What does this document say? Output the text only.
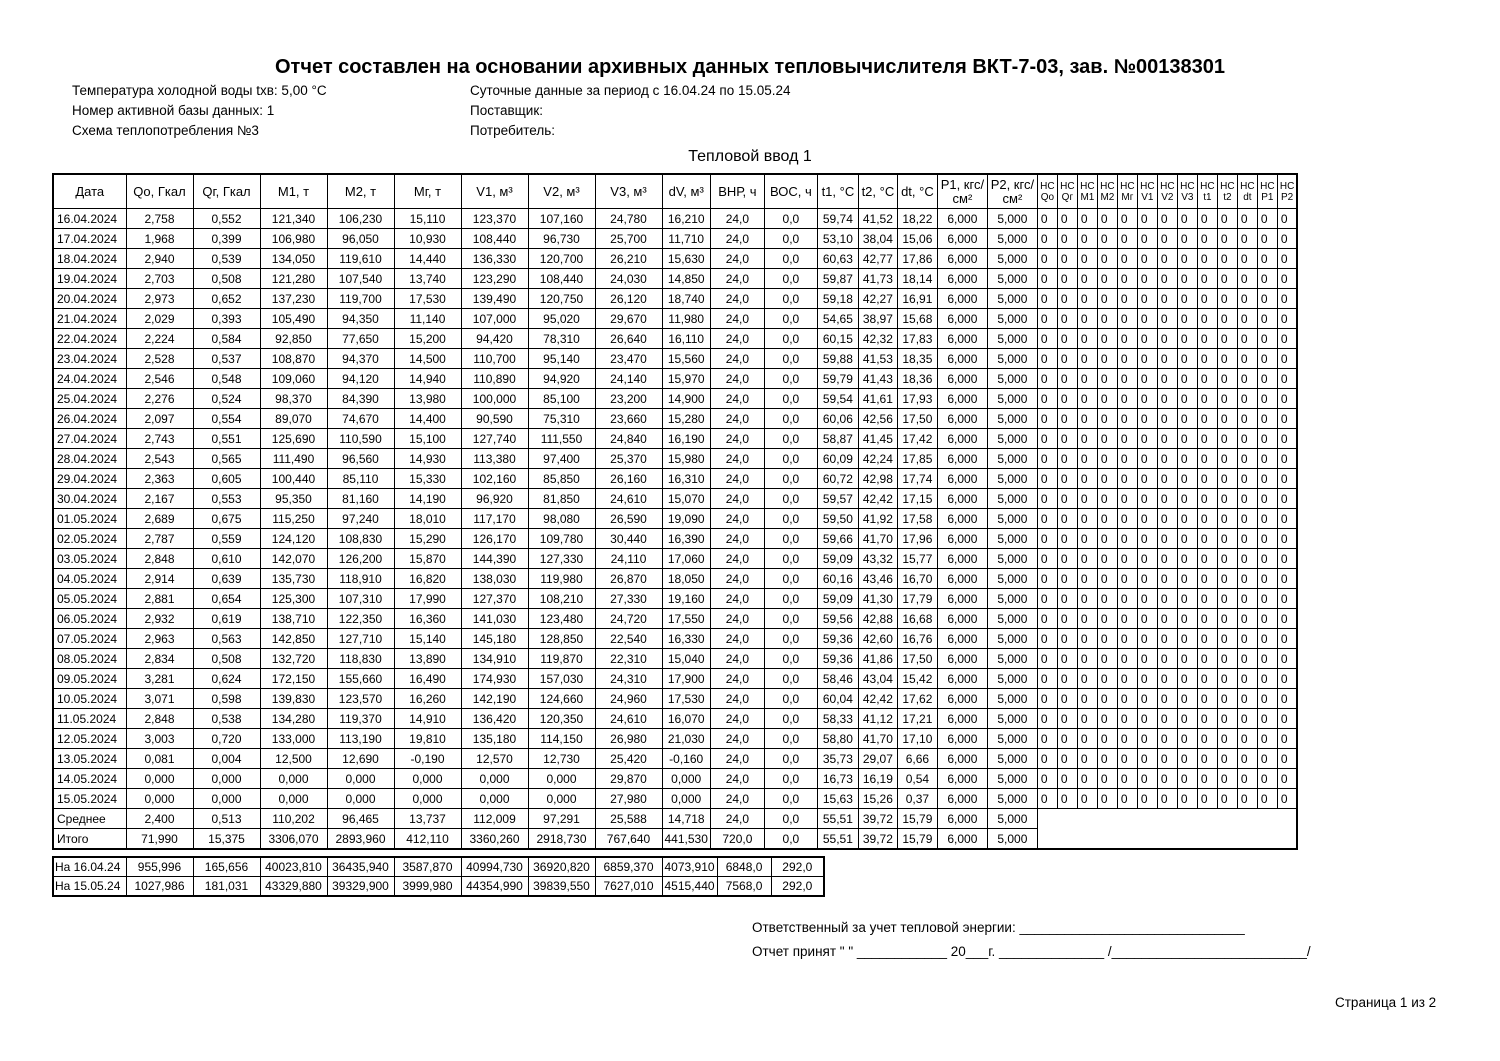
Отчет составлен на основании архивных данных тепловычислителя ВКТ-7-03, зав. №00138301
Температура холодной воды tхв: 5,00 °С
Номер активной базы данных: 1
Схема теплопотребления №3
Суточные данные за период с 16.04.24 по 15.05.24
Поставщик:
Потребитель:
Тепловой ввод 1
Дата	Qо, Гкал	Qг, Гкал	M1, т	M2, т	Mг, т	V1, м³	V2, м³	V3, м³	dV, м³	ВНР, ч	ВОС, ч	t1, °С	t2, °С	dt, °С	P1, кгс/см²	P2, кгс/см²	НС Qо	НС Qг	НС M1	НС M2	НС Mг	НС V1	НС V2	НС V3	НС t1	НС t2	НС dt	НС P1	НС P2
16.04.2024	2,758	0,552	121,340	106,230	15,110	123,370	107,160	24,780	16,210	24,0	0,0	59,74	41,52	18,22	6,000	5,000	0	0	0	0	0	0	0	0	0	0	0	0	0
17.04.2024	1,968	0,399	106,980	96,050	10,930	108,440	96,730	25,700	11,710	24,0	0,0	53,10	38,04	15,06	6,000	5,000	0	0	0	0	0	0	0	0	0	0	0	0	0
18.04.2024	2,940	0,539	134,050	119,610	14,440	136,330	120,700	26,210	15,630	24,0	0,0	60,63	42,77	17,86	6,000	5,000	0	0	0	0	0	0	0	0	0	0	0	0	0
19.04.2024	2,703	0,508	121,280	107,540	13,740	123,290	108,440	24,030	14,850	24,0	0,0	59,87	41,73	18,14	6,000	5,000	0	0	0	0	0	0	0	0	0	0	0	0	0
20.04.2024	2,973	0,652	137,230	119,700	17,530	139,490	120,750	26,120	18,740	24,0	0,0	59,18	42,27	16,91	6,000	5,000	0	0	0	0	0	0	0	0	0	0	0	0	0
21.04.2024	2,029	0,393	105,490	94,350	11,140	107,000	95,020	29,670	11,980	24,0	0,0	54,65	38,97	15,68	6,000	5,000	0	0	0	0	0	0	0	0	0	0	0	0	0
22.04.2024	2,224	0,584	92,850	77,650	15,200	94,420	78,310	26,640	16,110	24,0	0,0	60,15	42,32	17,83	6,000	5,000	0	0	0	0	0	0	0	0	0	0	0	0	0
23.04.2024	2,528	0,537	108,870	94,370	14,500	110,700	95,140	23,470	15,560	24,0	0,0	59,88	41,53	18,35	6,000	5,000	0	0	0	0	0	0	0	0	0	0	0	0	0
24.04.2024	2,546	0,548	109,060	94,120	14,940	110,890	94,920	24,140	15,970	24,0	0,0	59,79	41,43	18,36	6,000	5,000	0	0	0	0	0	0	0	0	0	0	0	0	0
25.04.2024	2,276	0,524	98,370	84,390	13,980	100,000	85,100	23,200	14,900	24,0	0,0	59,54	41,61	17,93	6,000	5,000	0	0	0	0	0	0	0	0	0	0	0	0	0
26.04.2024	2,097	0,554	89,070	74,670	14,400	90,590	75,310	23,660	15,280	24,0	0,0	60,06	42,56	17,50	6,000	5,000	0	0	0	0	0	0	0	0	0	0	0	0	0
27.04.2024	2,743	0,551	125,690	110,590	15,100	127,740	111,550	24,840	16,190	24,0	0,0	58,87	41,45	17,42	6,000	5,000	0	0	0	0	0	0	0	0	0	0	0	0	0
28.04.2024	2,543	0,565	111,490	96,560	14,930	113,380	97,400	25,370	15,980	24,0	0,0	60,09	42,24	17,85	6,000	5,000	0	0	0	0	0	0	0	0	0	0	0	0	0
29.04.2024	2,363	0,605	100,440	85,110	15,330	102,160	85,850	26,160	16,310	24,0	0,0	60,72	42,98	17,74	6,000	5,000	0	0	0	0	0	0	0	0	0	0	0	0	0
30.04.2024	2,167	0,553	95,350	81,160	14,190	96,920	81,850	24,610	15,070	24,0	0,0	59,57	42,42	17,15	6,000	5,000	0	0	0	0	0	0	0	0	0	0	0	0	0
01.05.2024	2,689	0,675	115,250	97,240	18,010	117,170	98,080	26,590	19,090	24,0	0,0	59,50	41,92	17,58	6,000	5,000	0	0	0	0	0	0	0	0	0	0	0	0	0
02.05.2024	2,787	0,559	124,120	108,830	15,290	126,170	109,780	30,440	16,390	24,0	0,0	59,66	41,70	17,96	6,000	5,000	0	0	0	0	0	0	0	0	0	0	0	0	0
03.05.2024	2,848	0,610	142,070	126,200	15,870	144,390	127,330	24,110	17,060	24,0	0,0	59,09	43,32	15,77	6,000	5,000	0	0	0	0	0	0	0	0	0	0	0	0	0
04.05.2024	2,914	0,639	135,730	118,910	16,820	138,030	119,980	26,870	18,050	24,0	0,0	60,16	43,46	16,70	6,000	5,000	0	0	0	0	0	0	0	0	0	0	0	0	0
05.05.2024	2,881	0,654	125,300	107,310	17,990	127,370	108,210	27,330	19,160	24,0	0,0	59,09	41,30	17,79	6,000	5,000	0	0	0	0	0	0	0	0	0	0	0	0	0
06.05.2024	2,932	0,619	138,710	122,350	16,360	141,030	123,480	24,720	17,550	24,0	0,0	59,56	42,88	16,68	6,000	5,000	0	0	0	0	0	0	0	0	0	0	0	0	0
07.05.2024	2,963	0,563	142,850	127,710	15,140	145,180	128,850	22,540	16,330	24,0	0,0	59,36	42,60	16,76	6,000	5,000	0	0	0	0	0	0	0	0	0	0	0	0	0
08.05.2024	2,834	0,508	132,720	118,830	13,890	134,910	119,870	22,310	15,040	24,0	0,0	59,36	41,86	17,50	6,000	5,000	0	0	0	0	0	0	0	0	0	0	0	0	0
09.05.2024	3,281	0,624	172,150	155,660	16,490	174,930	157,030	24,310	17,900	24,0	0,0	58,46	43,04	15,42	6,000	5,000	0	0	0	0	0	0	0	0	0	0	0	0	0
10.05.2024	3,071	0,598	139,830	123,570	16,260	142,190	124,660	24,960	17,530	24,0	0,0	60,04	42,42	17,62	6,000	5,000	0	0	0	0	0	0	0	0	0	0	0	0	0
11.05.2024	2,848	0,538	134,280	119,370	14,910	136,420	120,350	24,610	16,070	24,0	0,0	58,33	41,12	17,21	6,000	5,000	0	0	0	0	0	0	0	0	0	0	0	0	0
12.05.2024	3,003	0,720	133,000	113,190	19,810	135,180	114,150	26,980	21,030	24,0	0,0	58,80	41,70	17,10	6,000	5,000	0	0	0	0	0	0	0	0	0	0	0	0	0
13.05.2024	0,081	0,004	12,500	12,690	-0,190	12,570	12,730	25,420	-0,160	24,0	0,0	35,73	29,07	6,66	6,000	5,000	0	0	0	0	0	0	0	0	0	0	0	0	0
14.05.2024	0,000	0,000	0,000	0,000	0,000	0,000	0,000	29,870	0,000	24,0	0,0	16,73	16,19	0,54	6,000	5,000	0	0	0	0	0	0	0	0	0	0	0	0	0
15.05.2024	0,000	0,000	0,000	0,000	0,000	0,000	0,000	27,980	0,000	24,0	0,0	15,63	15,26	0,37	6,000	5,000	0	0	0	0	0	0	0	0	0	0	0	0	0
Среднее	2,400	0,513	110,202	96,465	13,737	112,009	97,291	25,588	14,718	24,0	0,0	55,51	39,72	15,79	6,000	5,000													
Итого	71,990	15,375	3306,070	2893,960	412,110	3360,260	2918,730	767,640	441,530	720,0	0,0	55,51	39,72	15,79	6,000	5,000													
На 16.04.24	955,996	165,656	40023,810	36435,940	3587,870	40994,730	36920,820	6859,370	4073,910	6848,0	292,0
На 15.05.24	1027,986	181,031	43329,880	39329,900	3999,980	44354,990	39839,550	7627,010	4515,440	7568,0	292,0
Ответственный за учет тепловой энергии: ______________________________
Отчет принят " " ____________ 20___г. ______________ /__________________________/
Страница 1 из 2
